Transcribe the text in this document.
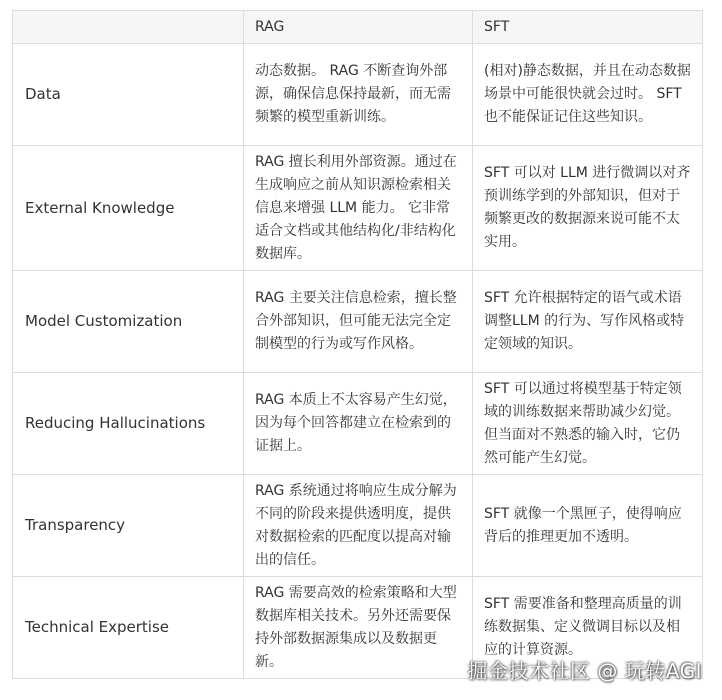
	RAG	SFT
Data	动态数据。 RAG 不断查询外部源，确保信息保持最新，而无需频繁的模型重新训练。	(相对)静态数据，并且在动态数据场景中可能很快就会过时。 SFT 也不能保证记住这些知识。
External Knowledge	RAG 擅长利用外部资源。通过在生成响应之前从知识源检索相关信息来增强 LLM 能力。 它非常适合文档或其他结构化/非结构化数据库。	SFT 可以对 LLM 进行微调以对齐预训练学到的外部知识，但对于频繁更改的数据源来说可能不太实用。
Model Customization	RAG 主要关注信息检索，擅长整合外部知识，但可能无法完全定制模型的行为或写作风格。	SFT 允许根据特定的语气或术语调整LLM 的行为、写作风格或特定领域的知识。
Reducing Hallucinations	RAG 本质上不太容易产生幻觉，因为每个回答都建立在检索到的证据上。	SFT 可以通过将模型基于特定领域的训练数据来帮助减少幻觉。 但当面对不熟悉的输入时，它仍然可能产生幻觉。
Transparency	RAG 系统通过将响应生成分解为不同的阶段来提供透明度，提供对数据检索的匹配度以提高对输出的信任。	SFT 就像一个黑匣子，使得响应背后的推理更加不透明。
Technical Expertise	RAG 需要高效的检索策略和大型数据库相关技术。另外还需要保持外部数据源集成以及数据更新。	SFT 需要准备和整理高质量的训练数据集、定义微调目标以及相应的计算资源。
掘金技术社区 @ 玩转AGI
